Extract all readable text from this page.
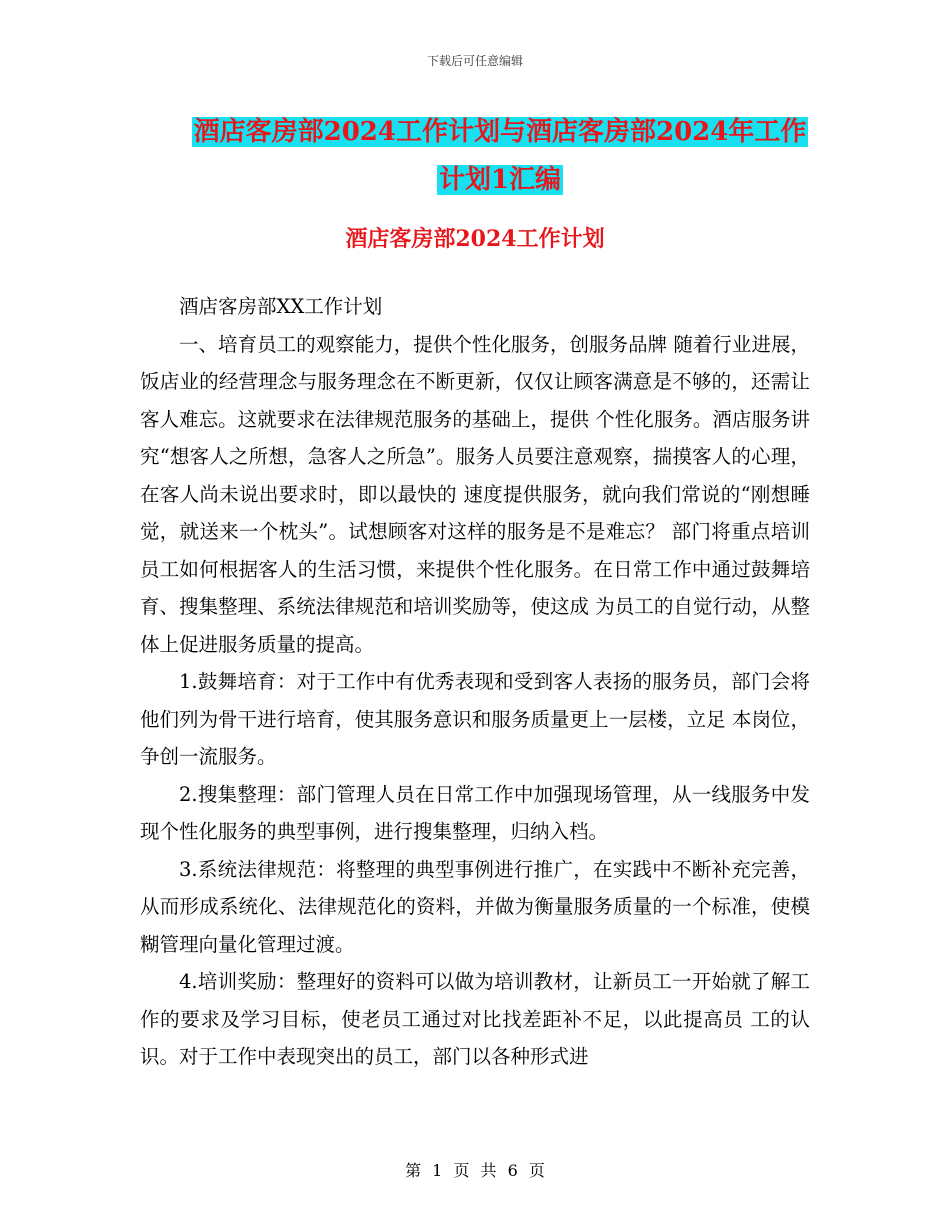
下载后可任意编辑
酒店客房部2024工作计划与酒店客房部2024年工作
计划1汇编
酒店客房部2024工作计划

酒店客房部XX工作计划

一、培育员工的观察能力，提供个性化服务，创服务品牌 随着行业进展，饭店业的经营理念与服务理念在不断更新，仅仅让顾客满意是不够的，还需让客人难忘。这就要求在法律规范服务的基础上，提供 个性化服务。酒店服务讲究“想客人之所想，急客人之所急”。服务人员要注意观察，揣摸客人的心理，在客人尚未说出要求时，即以最快的 速度提供服务，就向我们常说的“刚想睡觉，就送来一个枕头”。试想顾客对这样的服务是不是难忘？ 部门将重点培训员工如何根据客人的生活习惯，来提供个性化服务。在日常工作中通过鼓舞培育、搜集整理、系统法律规范和培训奖励等，使这成 为员工的自觉行动，从整体上促进服务质量的提高。

1.鼓舞培育：对于工作中有优秀表现和受到客人表扬的服务员，部门会将他们列为骨干进行培育，使其服务意识和服务质量更上一层楼，立足 本岗位，争创一流服务。

2.搜集整理：部门管理人员在日常工作中加强现场管理，从一线服务中发现个性化服务的典型事例，进行搜集整理，归纳入档。

3.系统法律规范：将整理的典型事例进行推广，在实践中不断补充完善，从而形成系统化、法律规范化的资料，并做为衡量服务质量的一个标准，使模 糊管理向量化管理过渡。

4.培训奖励：整理好的资料可以做为培训教材，让新员工一开始就了解工作的要求及学习目标，使老员工通过对比找差距补不足，以此提高员 工的认识。对于工作中表现突出的员工，部门以各种形式进

第 1 页 共 6 页
